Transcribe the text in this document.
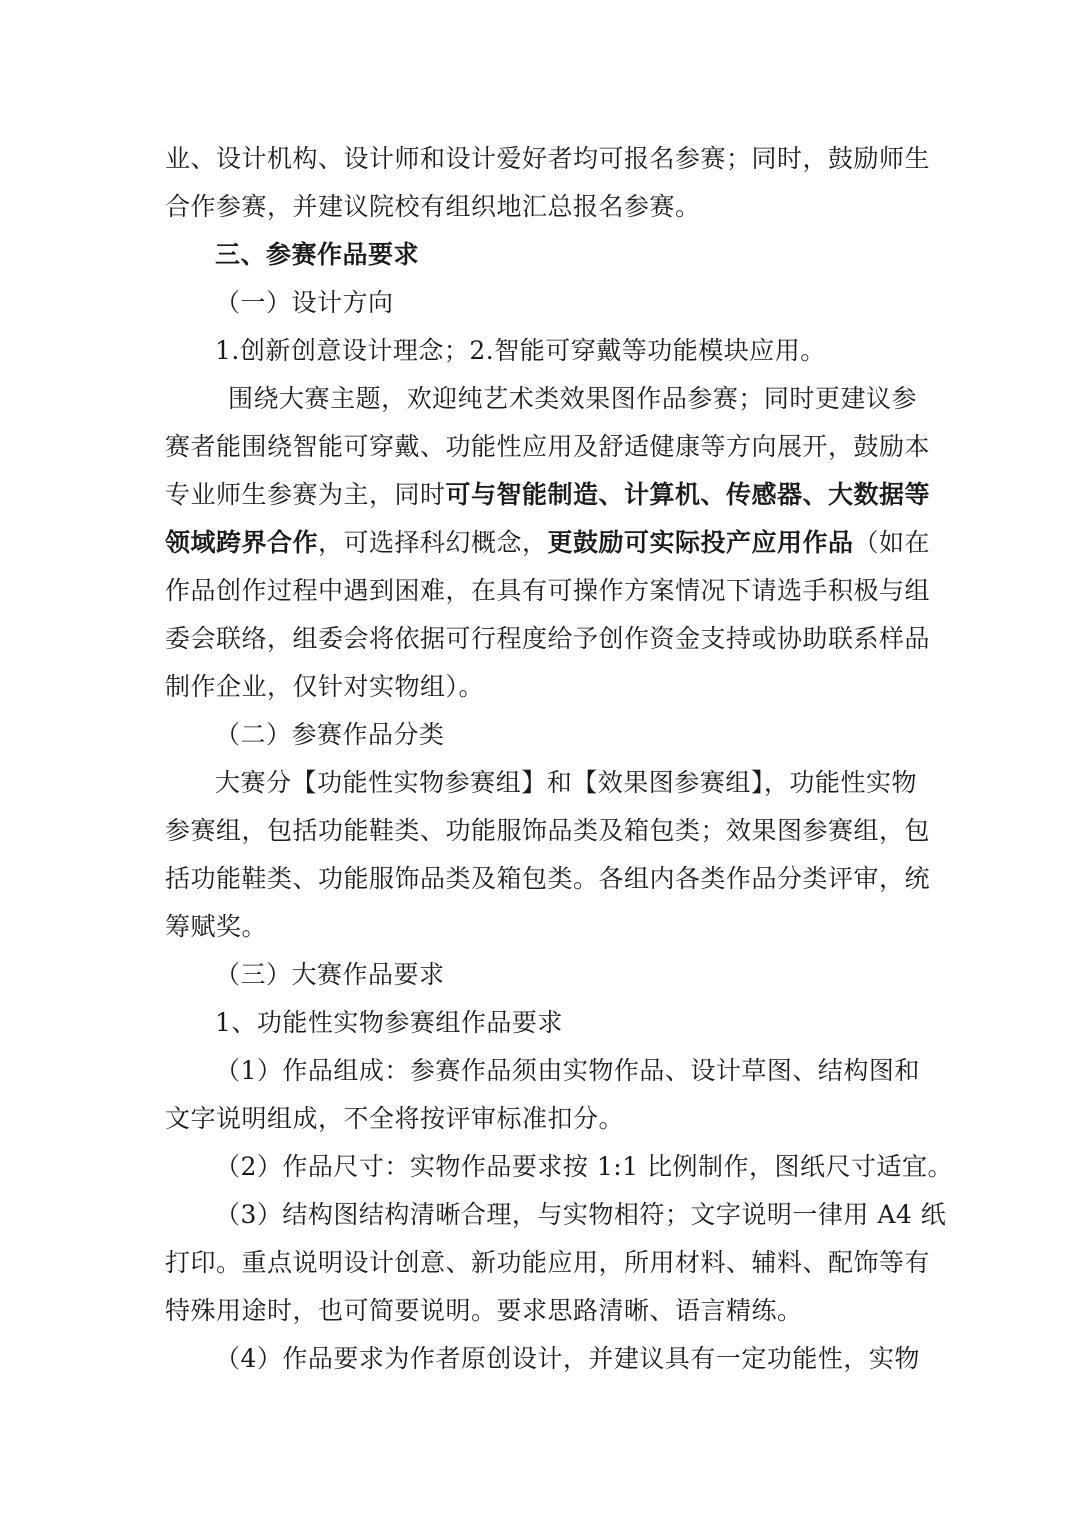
业、设计机构、设计师和设计爱好者均可报名参赛；同时，鼓励师生
合作参赛，并建议院校有组织地汇总报名参赛。
三、参赛作品要求
（一）设计方向
1.创新创意设计理念；2.智能可穿戴等功能模块应用。
围绕大赛主题，欢迎纯艺术类效果图作品参赛；同时更建议参
赛者能围绕智能可穿戴、功能性应用及舒适健康等方向展开，鼓励本
专业师生参赛为主，同时 可与智能制造、计算机、传感器、大数据等
领域跨界合作，可选择科幻概念，更鼓励可实际投产应用作品（如在
作品创作过程中遇到困难，在具有可操作方案情况下请选手积极与组
委会联络，组委会将依据可行程度给予创作资金支持或协助联系样品
制作企业，仅针对实物组）。
（二）参赛作品分类
大赛分【功能性实物参赛组】和【效果图参赛组】，功能性实物
参赛组，包括功能鞋类、功能服饰品类及箱包类；效果图参赛组，包
括功能鞋类、功能服饰品类及箱包类。各组内各类作品分类评审，统
筹赋奖。
（三）大赛作品要求
1、功能性实物参赛组作品要求
（1）作品组成：参赛作品须由实物作品、设计草图、结构图和
文字说明组成，不全将按评审标准扣分。
（2）作品尺寸：实物作品要求按 1:1 比例制作，图纸尺寸适宜。
（3）结构图结构清晰合理，与实物相符；文字说明一律用 A4 纸
打印。重点说明设计创意、新功能应用，所用材料、辅料、配饰等有
特殊用途时，也可简要说明。要求思路清晰、语言精练。
（4）作品要求为作者原创设计，并建议具有一定功能性，实物
